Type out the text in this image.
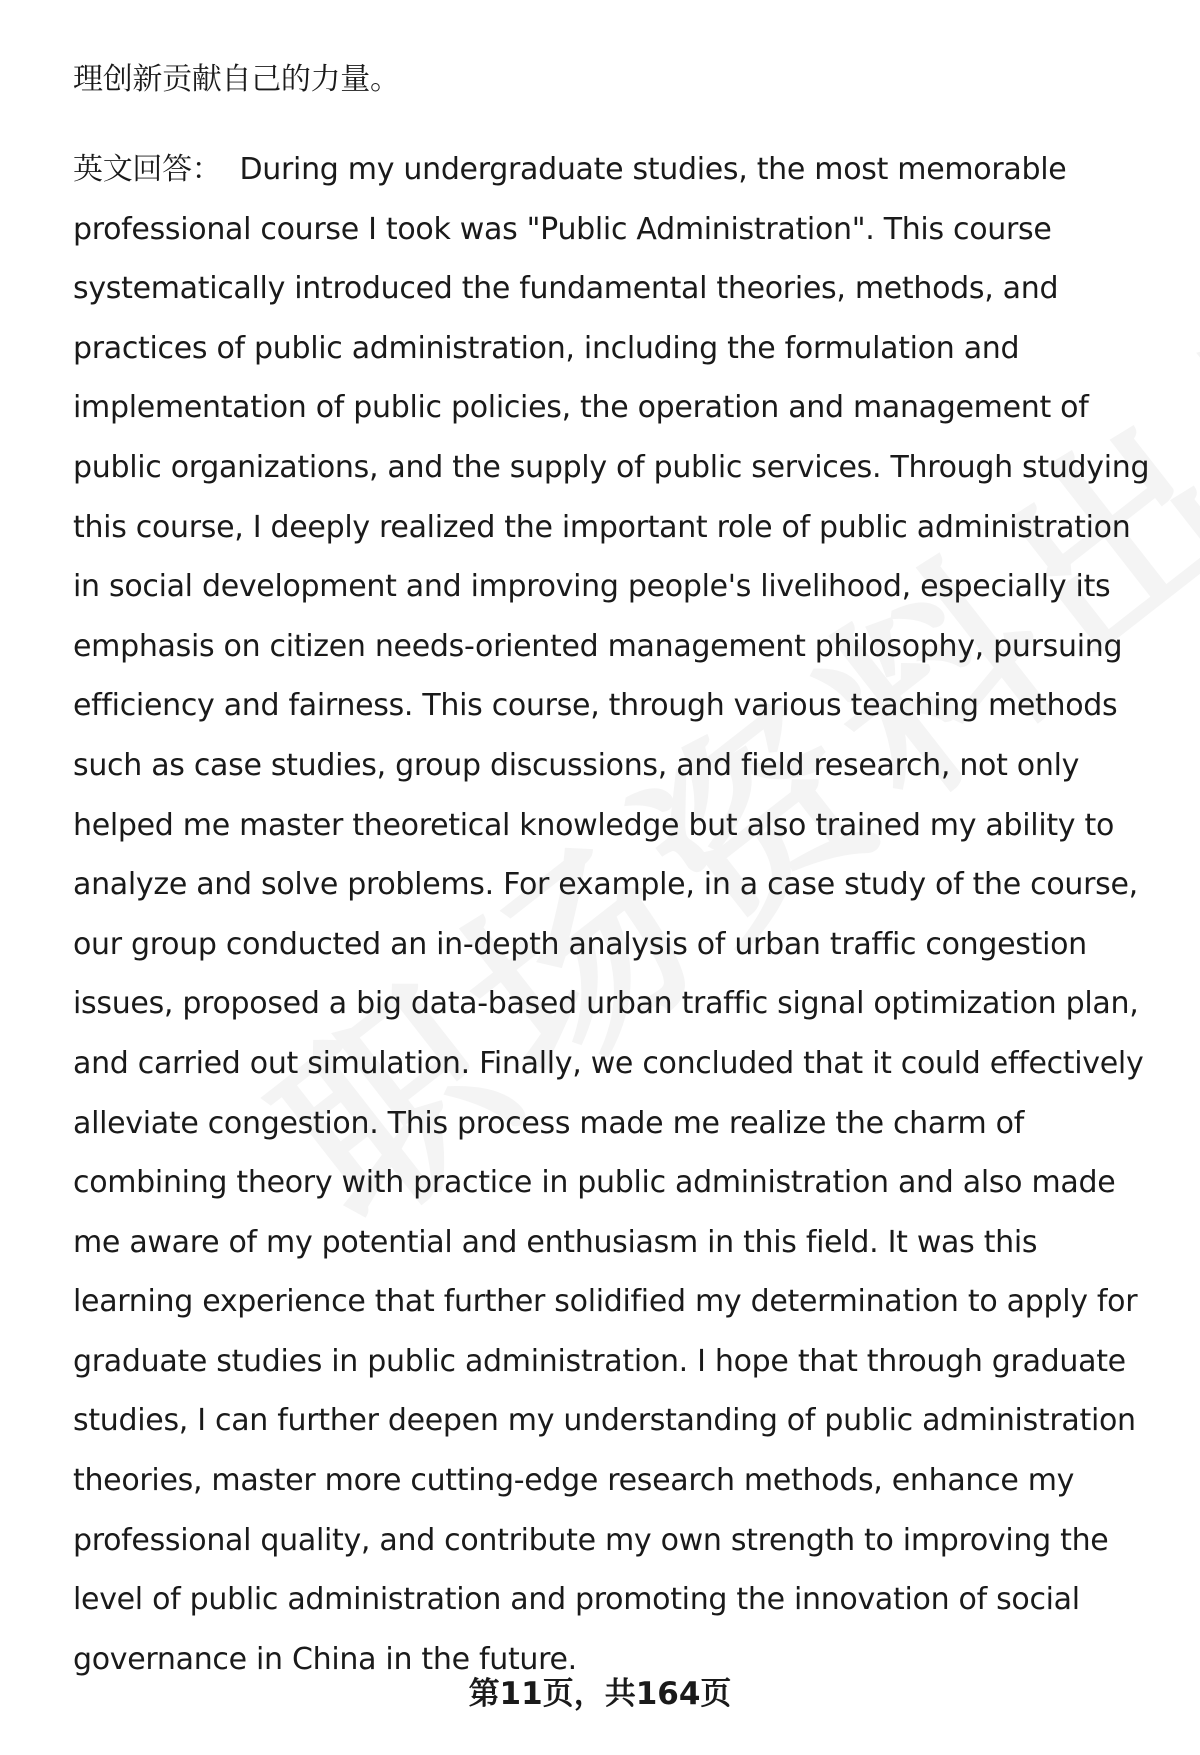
理创新贡献自己的力量。
英文回答： During my undergraduate studies, the most memorable professional course I took was "Public Administration". This course systematically introduced the fundamental theories, methods, and practices of public administration, including the formulation and implementation of public policies, the operation and management of public organizations, and the supply of public services. Through studying this course, I deeply realized the important role of public administration in social development and improving people's livelihood, especially its emphasis on citizen needs-oriented management philosophy, pursuing efficiency and fairness. This course, through various teaching methods such as case studies, group discussions, and field research, not only helped me master theoretical knowledge but also trained my ability to analyze and solve problems. For example, in a case study of the course, our group conducted an in-depth analysis of urban traffic congestion issues, proposed a big data-based urban traffic signal optimization plan, and carried out simulation. Finally, we concluded that it could effectively alleviate congestion. This process made me realize the charm of combining theory with practice in public administration and also made me aware of my potential and enthusiasm in this field. It was this learning experience that further solidified my determination to apply for graduate studies in public administration. I hope that through graduate studies, I can further deepen my understanding of public administration theories, master more cutting-edge research methods, enhance my professional quality, and contribute my own strength to improving the level of public administration and promoting the innovation of social governance in China in the future.
第11页，共164页
